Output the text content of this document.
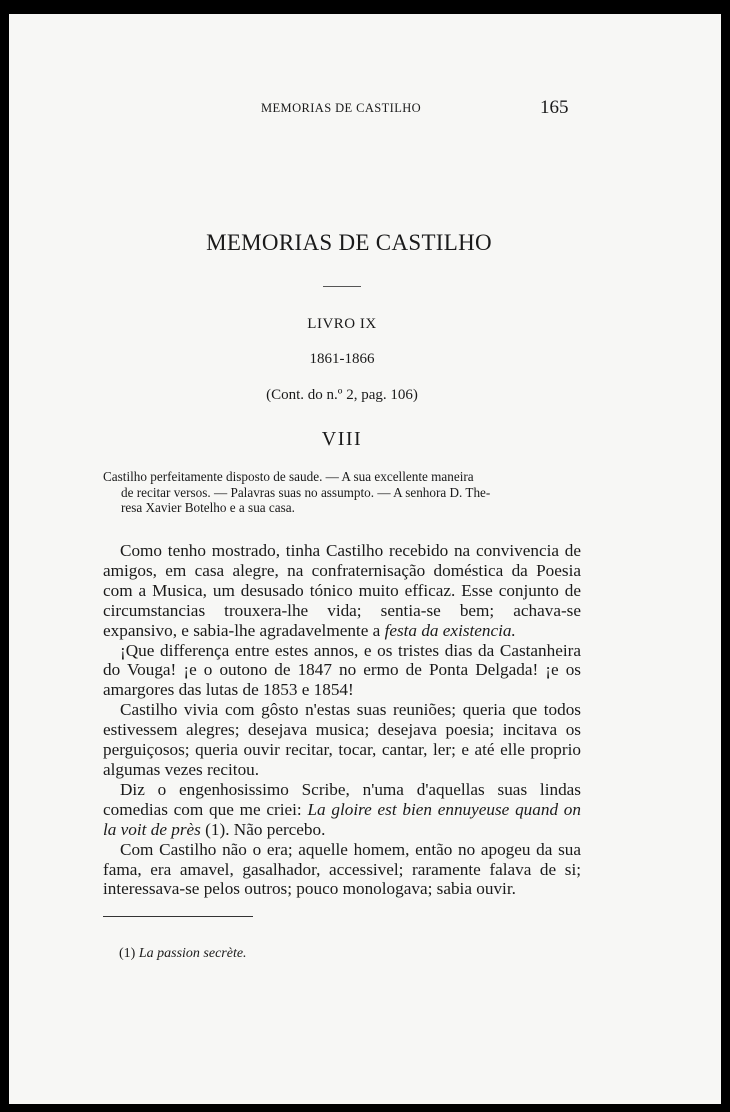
MEMORIAS DE CASTILHO	165
MEMORIAS DE CASTILHO
LIVRO IX
1861-1866
(Cont. do n.º 2, pag. 106)
VIII
Castilho perfeitamente disposto de saude. — A sua excellente maneira
de recitar versos. — Palavras suas no assumpto. — A senhora D. The-
resa Xavier Botelho e a sua casa.

Como tenho mostrado, tinha Castilho recebido na convivencia de amigos, em casa alegre, na confraternisação doméstica da Poesia com a Musica, um desusado tónico muito efficaz. Esse conjunto de circumstancias trouxera-lhe vida; sentia-se bem; achava-se expansivo, e sabia-lhe agradavelmente a festa da existencia.

¡Que differença entre estes annos, e os tristes dias da Castanheira do Vouga! ¡e o outono de 1847 no ermo de Ponta Delgada! ¡e os amargores das lutas de 1853 e 1854!

Castilho vivia com gôsto n'estas suas reuniões; queria que todos estivessem alegres; desejava musica; desejava poesia; incitava os perguiçosos; queria ouvir recitar, tocar, cantar, ler; e até elle proprio algumas vezes recitou.

Diz o engenhosissimo Scribe, n'uma d'aquellas suas lindas comedias com que me criei: La gloire est bien ennuyeuse quand on la voit de près (1). Não percebo.

Com Castilho não o era; aquelle homem, então no apogeu da sua fama, era amavel, gasalhador, accessivel; raramente falava de si; interessava-se pelos outros; pouco monologava; sabia ouvir.

(1) La passion secrète.
